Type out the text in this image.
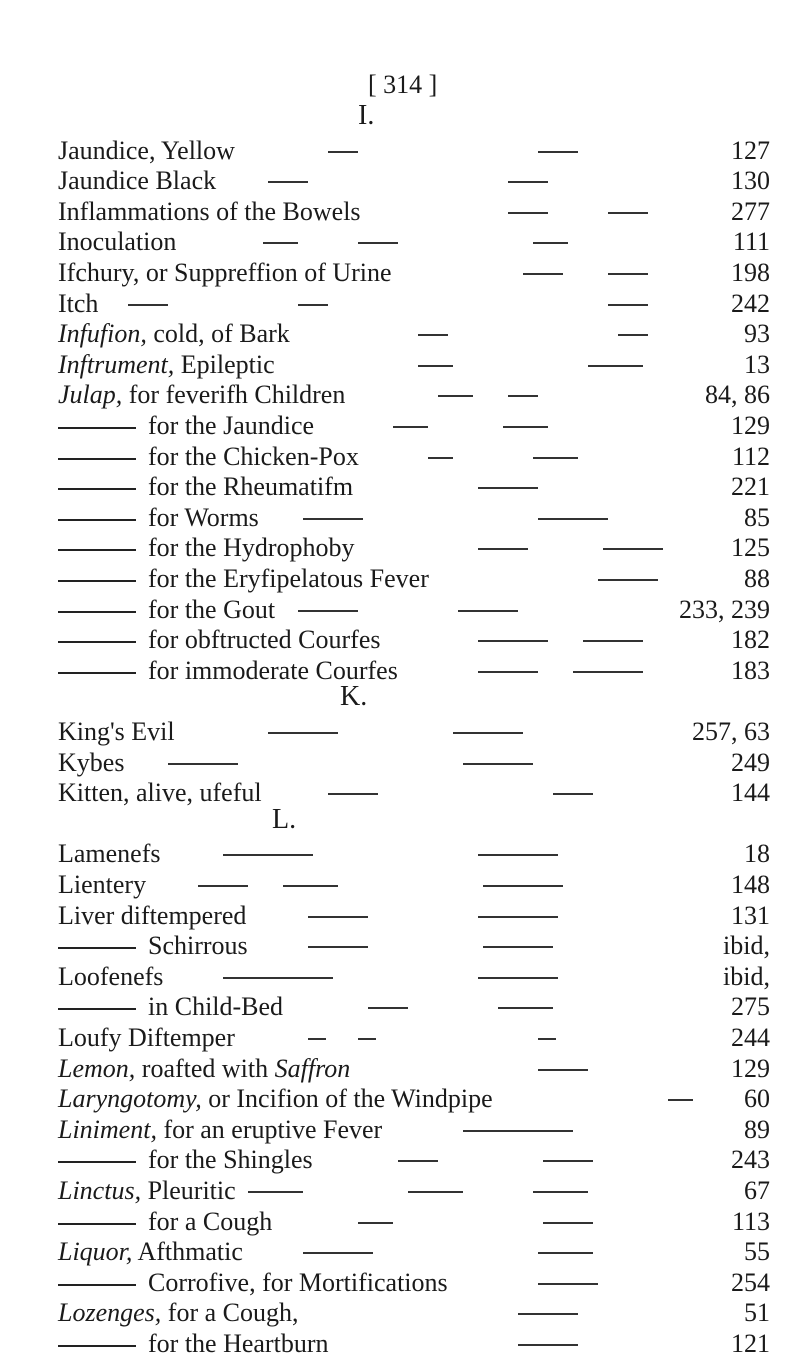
[ 314 ]
I.
Jaundice, Yellow	127
Jaundice Black	130
Inflammations of the Bowels	277
Inoculation	111
Ifchury, or Suppreffion of Urine	198
Itch	242
Infufion, cold, of Bark	93
Inftrument, Epileptic	13
Julap, for feverifh Children	84, 86
for the Jaundice	129
for the Chicken-Pox	112
for the Rheumatifm	221
for Worms	85
for the Hydrophoby	125
for the Eryfipelatous Fever	88
for the Gout	233, 239
for obftructed Courfes	182
for immoderate Courfes	183
K.
King's Evil	257, 63
Kybes	249
Kitten, alive, ufeful	144
L.
Lamenefs	18
Lientery	148
Liver diftempered	131
Schirrous	ibid,
Loofenefs	ibid,
in Child-Bed	275
Loufy Diftemper	244
Lemon, roafted with Saffron	129
Laryngotomy, or Incifion of the Windpipe	60
Liniment, for an eruptive Fever	89
for the Shingles	243
Linctus, Pleuritic	67
for a Cough	113
Liquor, Afthmatic	55
Corrofive, for Mortifications	254
Lozenges, for a Cough,	51
for the Heartburn	121
